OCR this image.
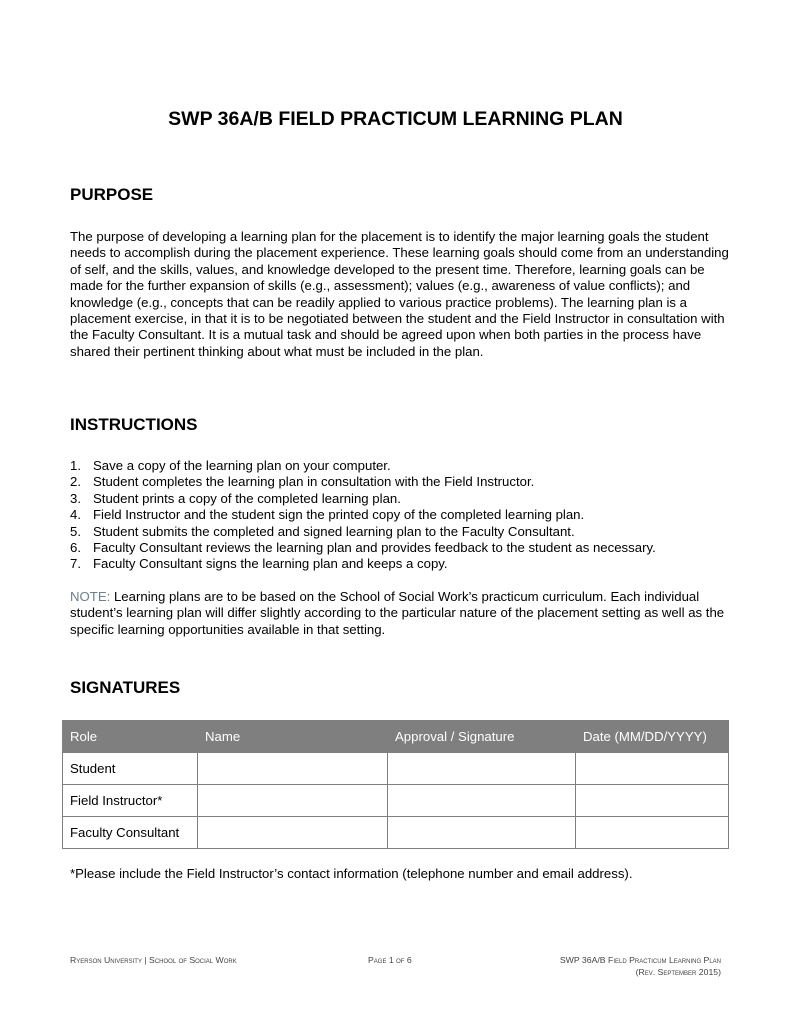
SWP 36A/B FIELD PRACTICUM LEARNING PLAN
PURPOSE
The purpose of developing a learning plan for the placement is to identify the major learning goals the student needs to accomplish during the placement experience. These learning goals should come from an understanding of self, and the skills, values, and knowledge developed to the present time. Therefore, learning goals can be made for the further expansion of skills (e.g., assessment); values (e.g., awareness of value conflicts); and knowledge (e.g., concepts that can be readily applied to various practice problems). The learning plan is a placement exercise, in that it is to be negotiated between the student and the Field Instructor in consultation with the Faculty Consultant. It is a mutual task and should be agreed upon when both parties in the process have shared their pertinent thinking about what must be included in the plan.
INSTRUCTIONS
1. Save a copy of the learning plan on your computer.
2. Student completes the learning plan in consultation with the Field Instructor.
3. Student prints a copy of the completed learning plan.
4. Field Instructor and the student sign the printed copy of the completed learning plan.
5. Student submits the completed and signed learning plan to the Faculty Consultant.
6. Faculty Consultant reviews the learning plan and provides feedback to the student as necessary.
7. Faculty Consultant signs the learning plan and keeps a copy.
NOTE: Learning plans are to be based on the School of Social Work’s practicum curriculum. Each individual student’s learning plan will differ slightly according to the particular nature of the placement setting as well as the specific learning opportunities available in that setting.
SIGNATURES
Role	Name	Approval / Signature	Date (MM/DD/YYYY)
Student			
Field Instructor*			
Faculty Consultant			
*Please include the Field Instructor’s contact information (telephone number and email address).
Ryerson University | School of Social Work	Page 1 of 6	SWP 36A/B Field Practicum Learning Plan
(Rev. September 2015)
